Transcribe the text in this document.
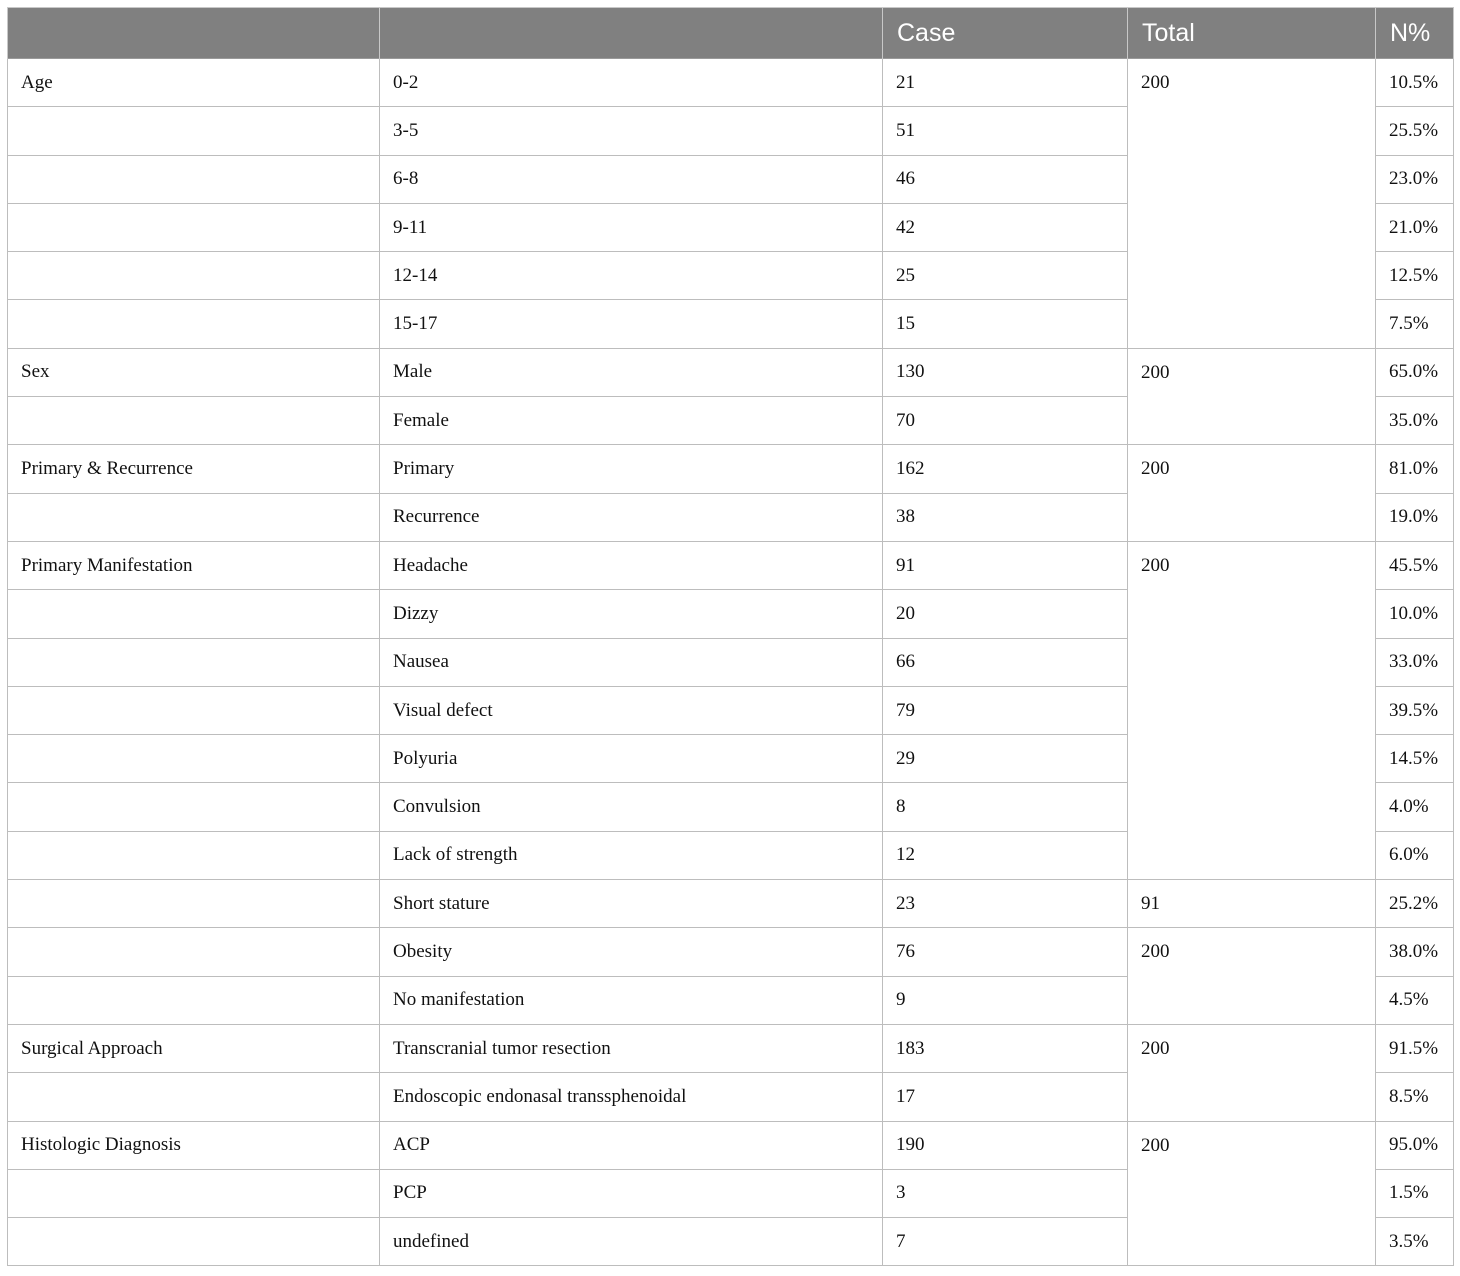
		Case	Total	N%
Age	0-2	21	200	10.5%
	3-5	51		25.5%
	6-8	46		23.0%
	9-11	42		21.0%
	12-14	25		12.5%
	15-17	15		7.5%
Sex	Male	130	200	65.0%
	Female	70		35.0%
Primary & Recurrence	Primary	162	200	81.0%
	Recurrence	38		19.0%
Primary Manifestation	Headache	91	200	45.5%
	Dizzy	20		10.0%
	Nausea	66		33.0%
	Visual defect	79		39.5%
	Polyuria	29		14.5%
	Convulsion	8		4.0%
	Lack of strength	12		6.0%
	Short stature	23	91	25.2%
	Obesity	76	200	38.0%
	No manifestation	9		4.5%
Surgical Approach	Transcranial tumor resection	183	200	91.5%
	Endoscopic endonasal transsphenoidal	17		8.5%
Histologic Diagnosis	ACP	190	200	95.0%
	PCP	3		1.5%
	undefined	7		3.5%
